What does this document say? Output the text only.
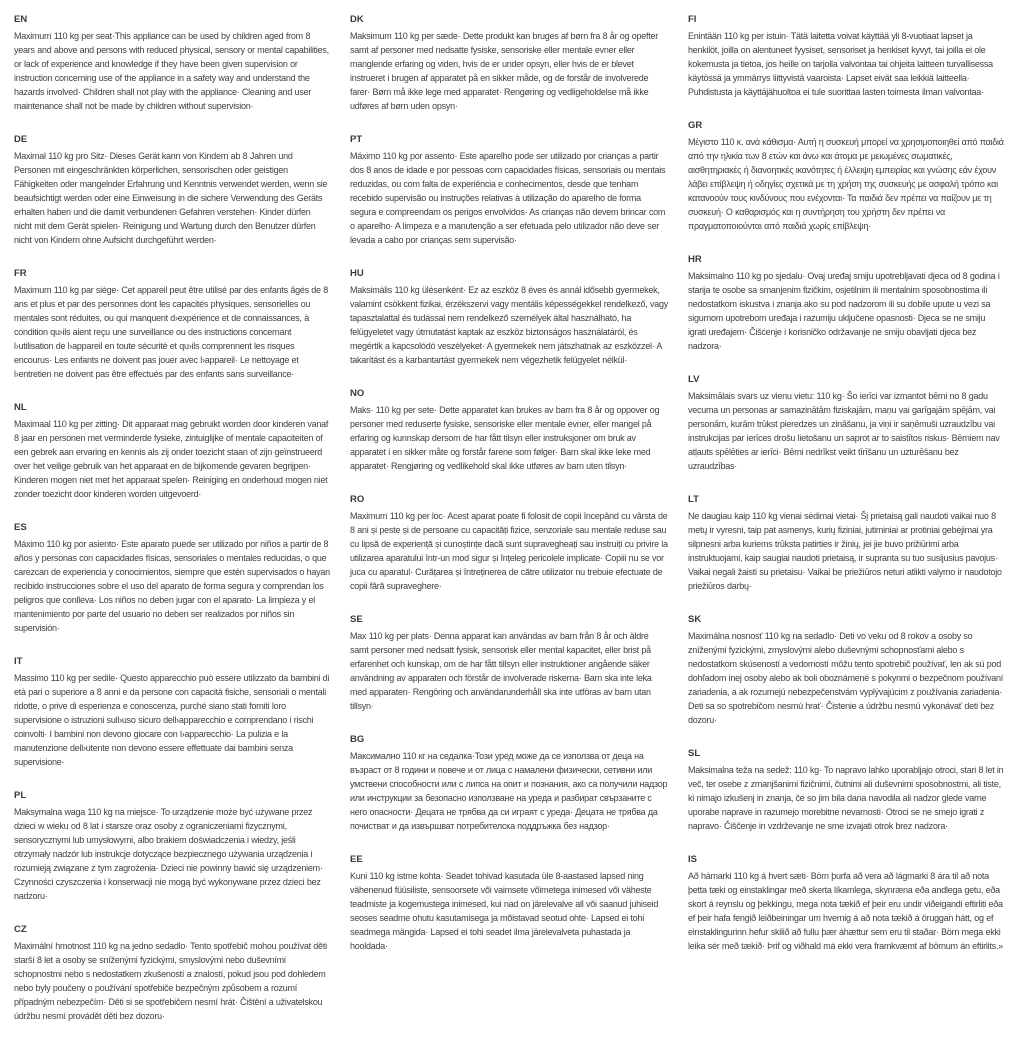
EN

Maximum 110 kg per seat·This appliance can be used by children aged from 8 years and above and persons with reduced physical, sensory or mental capabilities, or lack of experience and knowledge if they have been given supervision or instruction concerning use of the appliance in a safety way and understand the hazards involved· Children shall not play with the appliance· Cleaning and user maintenance shall not be made by children without supervision·

DE

Maximal 110 kg pro Sitz· Dieses Gerät kann von Kindern ab 8 Jahren und Personen mit eingeschränkten körperlichen, sensorischen oder geistigen Fähigkeiten oder mangelnder Erfahrung und Kenntnis verwendet werden, wenn sie beaufsichtigt werden oder eine Einweisung in die sichere Verwendung des Geräts erhalten haben und die damit verbundenen Gefahren verstehen· Kinder dürfen nicht mit dem Gerät spielen· Reinigung und Wartung durch den Benutzer dürfen nicht von Kindern ohne Aufsicht durchgeführt werden·

FR

Maximum 110 kg par siège· Cet appareil peut être utilisé par des enfants âgés de 8 ans et plus et par des personnes dont les capacités physiques, sensorielles ou mentales sont réduites, ou qui manquent d›expérience et de connaissances, à condition qu›ils aient reçu une surveillance ou des instructions concernant l›utilisation de l›appareil en toute sécurité et qu›ils comprennent les risques encourus· Les enfants ne doivent pas jouer avec l›appareil· Le nettoyage et l›entretien ne doivent pas être effectués par des enfants sans surveillance·

NL

Maximaal 110 kg per zitting· Dit apparaat mag gebruikt worden door kinderen vanaf 8 jaar en personen met verminderde fysieke, zintuiglijke of mentale capaciteiten of een gebrek aan ervaring en kennis als zij onder toezicht staan of zijn geïnstrueerd over het veilige gebruik van het apparaat en de bijkomende gevaren begrijpen· Kinderen mogen niet met het apparaat spelen· Reiniging en onderhoud mogen niet zonder toezicht door kinderen worden uitgevoerd·

ES

Máximo 110 kg por asiento· Este aparato puede ser utilizado por niños a partir de 8 años y personas con capacidades físicas, sensoriales o mentales reducidas, o que carezcan de experiencia y conocimientos, siempre que estén supervisados o hayan recibido instrucciones sobre el uso del aparato de forma segura y comprendan los peligros que conlleva· Los niños no deben jugar con el aparato· La limpieza y el mantenimiento por parte del usuario no deben ser realizados por niños sin supervisión·

IT

Massimo 110 kg per sedile· Questo apparecchio può essere utilizzato da bambini di età pari o superiore a 8 anni e da persone con capacità fisiche, sensoriali o mentali ridotte, o prive di esperienza e conoscenza, purché siano stati forniti loro supervisione o istruzioni sull›uso sicuro dell›apparecchio e comprendano i rischi coinvolti· I bambini non devono giocare con l›apparecchio· La pulizia e la manutenzione dell›utente non devono essere effettuate dai bambini senza supervisione·

PL

Maksymalna waga 110 kg na miejsce· To urządzenie może być używane przez dzieci w wieku od 8 lat i starsze oraz osoby z ograniczeniami fizycznymi, sensorycznymi lub umysłowymi, albo brakiem doświadczenia i wiedzy, jeśli otrzymały nadzór lub instrukcje dotyczące bezpiecznego używania urządzenia i rozumieją związane z tym zagrożenia· Dzieci nie powinny bawić się urządzeniem· Czynności czyszczenia i konserwacji nie mogą być wykonywane przez dzieci bez nadzoru·

CZ

Maximální hmotnost 110 kg na jedno sedadlo· Tento spotřebič mohou používat děti starší 8 let a osoby se sníženými fyzickými, smyslovými nebo duševními schopnostmi nebo s nedostatkem zkušeností a znalostí, pokud jsou pod dohledem nebo byly poučeny o používání spotřebiče bezpečným způsobem a rozumí případným nebezpečím· Děti si se spotřebičem nesmí hrát· Čištění a uživatelskou údržbu nesmí provádět děti bez dozoru·

DK

Maksimum 110 kg per sæde· Dette produkt kan bruges af børn fra 8 år og opefter samt af personer med nedsatte fysiske, sensoriske eller mentale evner eller manglende erfaring og viden, hvis de er under opsyn, eller hvis de er blevet instrueret i brugen af apparatet på en sikker måde, og de forstår de involverede farer· Børn må ikke lege med apparatet· Rengøring og vedligeholdelse må ikke udføres af børn uden opsyn·

PT

Máximo 110 kg por assento· Este aparelho pode ser utilizado por crianças a partir dos 8 anos de idade e por pessoas com capacidades físicas, sensoriais ou mentais reduzidas, ou com falta de experiência e conhecimentos, desde que tenham recebido supervisão ou instruções relativas à utilização do aparelho de forma segura e compreendam os perigos envolvidos· As crianças não devem brincar com o aparelho· A limpeza e a manutenção a ser efetuada pelo utilizador não deve ser levada a cabo por crianças sem supervisão·

HU

Maksimális 110 kg ülésenként· Ez az eszköz 8 éves és annál idősebb gyermekek, valamint csökkent fizikai, érzékszervi vagy mentális képességekkel rendelkező, vagy tapasztalattal és tudással nem rendelkező személyek által használható, ha felügyeletet vagy útmutatást kaptak az eszköz biztonságos használatáról, és megértik a kapcsolódó veszélyeket· A gyermekek nem játszhatnak az eszközzel· A takarítást és a karbantartást gyermekek nem végezhetik felügyelet nélkül·

NO

Maks· 110 kg per sete· Dette apparatet kan brukes av barn fra 8 år og oppover og personer med reduserte fysiske, sensoriske eller mentale evner, eller mangel på erfaring og kunnskap dersom de har fått tilsyn eller instruksjoner om bruk av apparatet i en sikker måte og forstår farene som følger· Barn skal ikke leke med apparatet· Rengjøring og vedlikehold skal ikke utføres av barn uten tilsyn·

RO

Maximum 110 kg per loc· Acest aparat poate fi folosit de copii începând cu vârsta de 8 ani și peste și de persoane cu capacități fizice, senzoriale sau mentale reduse sau cu lipsă de experiență și cunoștințe dacă sunt supravegheați sau instruiți cu privire la utilizarea aparatului într-un mod sigur și înțeleg pericolele implicate· Copiii nu se vor juca cu aparatul· Curățarea și întreținerea de către utilizator nu trebuie efectuate de copii fără supraveghere·

SE

Max 110 kg per plats· Denna apparat kan användas av barn från 8 år och äldre samt personer med nedsatt fysisk, sensorisk eller mental kapacitet, eller brist på erfarenhet och kunskap, om de har fått tillsyn eller instruktioner angående säker användning av apparaten och förstår de involverade riskerna· Barn ska inte leka med apparaten· Rengöring och användarunderhåll ska inte utföras av barn utan tillsyn·

BG

Максимално 110 кг на седалка·Този уред може да се използва от деца на възраст от 8 години и повече и от лица с намалени физически, сетивни или умствени способности или с липса на опит и познания, ако са получили надзор или инструкции за безопасно използване на уреда и разбират свързаните с него опасности· Децата не трябва да си играят с уреда· Децата не трябва да почистват и да извършват потребителска поддръжка без надзор·

EE

Kuni 110 kg istme kohta· Seadet tohivad kasutada üle 8-aastased lapsed ning vähenenud füüsiliste, sensoorsete või vaimsete võimetega inimesed või väheste teadmiste ja kogemustega inimesed, kui nad on järelevalve all või saanud juhiseid seoses seadme ohutu kasutamisega ja mõistavad seotud ohte· Lapsed ei tohi seadmega mängida· Lapsed ei tohi seadet ilma järelevalveta puhastada ja hooldada·

FI

Enintään 110 kg per istuin· Tätä laitetta voivat käyttää yli 8-vuotiaat lapset ja henkilöt, joilla on alentuneet fyysiset, sensoriset ja henkiset kyvyt, tai joilla ei ole kokemusta ja tietoa, jos heille on tarjolla valvontaa tai ohjeita laitteen turvallisessa käytössä ja ymmärrys liittyvistä vaaroista· Lapset eivät saa leikkiä laitteella· Puhdistusta ja käyttäjähuoltoa ei tule suorittaa lasten toimesta ilman valvontaa·

GR

Μέγιστο 110 κ. ανά κάθισμα· Αυτή η συσκευή μπορεί να χρησιμοποιηθεί από παιδιά από την ηλικία των 8 ετών και άνω και άτομα με μειωμένες σωματικές, αισθητηριακές ή διανοητικές ικανότητες ή έλλειψη εμπειρίας και γνώσης εάν έχουν λάβει επίβλεψη ή οδηγίες σχετικά με τη χρήση της συσκευής με ασφαλή τρόπο και κατανοούν τους κινδύνους που ενέχονται· Τα παιδιά δεν πρέπει να παίζουν με τη συσκευή· Ο καθαρισμός και η συντήρηση του χρήστη δεν πρέπει να πραγματοποιούνται από παιδιά χωρίς επίβλεψη·

HR

Maksimalno 110 kg po sjedalu· Ovaj uređaj smiju upotrebljavati djeca od 8 godina i starija te osobe sa smanjenim fizičkim, osjetilnim ili mentalnim sposobnostima ili nedostatkom iskustva i znanja ako su pod nadzorom ili su dobile upute u vezi sa sigurnom upotrebom uređaja i razumiju uključene opasnosti· Djeca se ne smiju igrati uređajem· Čišćenje i korisničko održavanje ne smiju obavljati djeca bez nadzora·

LV

Maksimālais svars uz vienu vietu: 110 kg· Šo ierīci var izmantot bērni no 8 gadu vecuma un personas ar samazinātām fiziskajām, maņu vai garīgajām spējām, vai personām, kurām trūkst pieredzes un zināšanu, ja viņi ir saņēmuši uzraudzību vai instrukcijas par ierīces drošu lietošanu un saprot ar to saistītos riskus· Bērniem nav atļauts spēlēties ar ierīci· Bērni nedrīkst veikt tīrīšanu un uzturēšanu bez uzraudzības·

LT

Ne daugiau kaip 110 kg vienai sėdimai vietai· Šį prietaisą gali naudoti vaikai nuo 8 metų ir vyresni, taip pat asmenys, kurių fiziniai, jutiminiai ar protiniai gebėjimai yra silpnesni arba kuriems trūksta patirties ir žinių, jei jie buvo prižiūrimi arba instruktuojami, kaip saugiai naudoti prietaisą, ir supranta su tuo susijusius pavojus· Vaikai negali žaisti su prietaisu· Vaikai be priežiūros neturi atlikti valymo ir naudotojo priežiūros darbų·

SK

Maximálna nosnosť 110 kg na sedadlo· Deti vo veku od 8 rokov a osoby so zníženými fyzickými, zmyslovými alebo duševnými schopnosťami alebo s nedostatkom skúseností a vedomostí môžu tento spotrebič používať, len ak sú pod dohľadom inej osoby alebo ak boli oboznámené s pokynmi o bezpečnom používaní zariadenia, a ak rozumejú nebezpečenstvám vyplývajúcim z používania zariadenia· Deti sa so spotrebičom nesmú hrať· Čistenie a údržbu nesmú vykonávať deti bez dozoru·

SL

Maksimalna teža na sedež: 110 kg· To napravo lahko uporabljajo otroci, stari 8 let in več, ter osebe z zmanjšanimi fizičnimi, čutnimi ali duševnimi sposobnostmi, ali tiste, ki nimajo izkušenj in znanja, če so jim bila dana navodila ali nadzor glede varne uporabe naprave in razumejo morebitne nevarnosti· Otroci se ne smejo igrati z napravo· Čiščenje in vzdrževanje ne sme izvajati otrok brez nadzora·

IS

Að hámarki 110 kg á hvert sæti· Börn þurfa að vera að lágmarki 8 ára til að nota þetta tæki og einstaklingar með skerta líkamlega, skynræna eða andlega getu, eða skort á reynslu og þekkingu, mega nota tækið ef þeir eru undir viðeigandi eftirliti eða ef þeir hafa fengið leiðbeiningar um hvernig á að nota tækið á öruggan hátt, og ef einstaklingurinn hefur skilið að fullu þær áhættur sem eru til staðar· Börn mega ekki leika sér með tækið· Þrif og viðhald má ekki vera framkvæmt af börnum án eftirlits.»
